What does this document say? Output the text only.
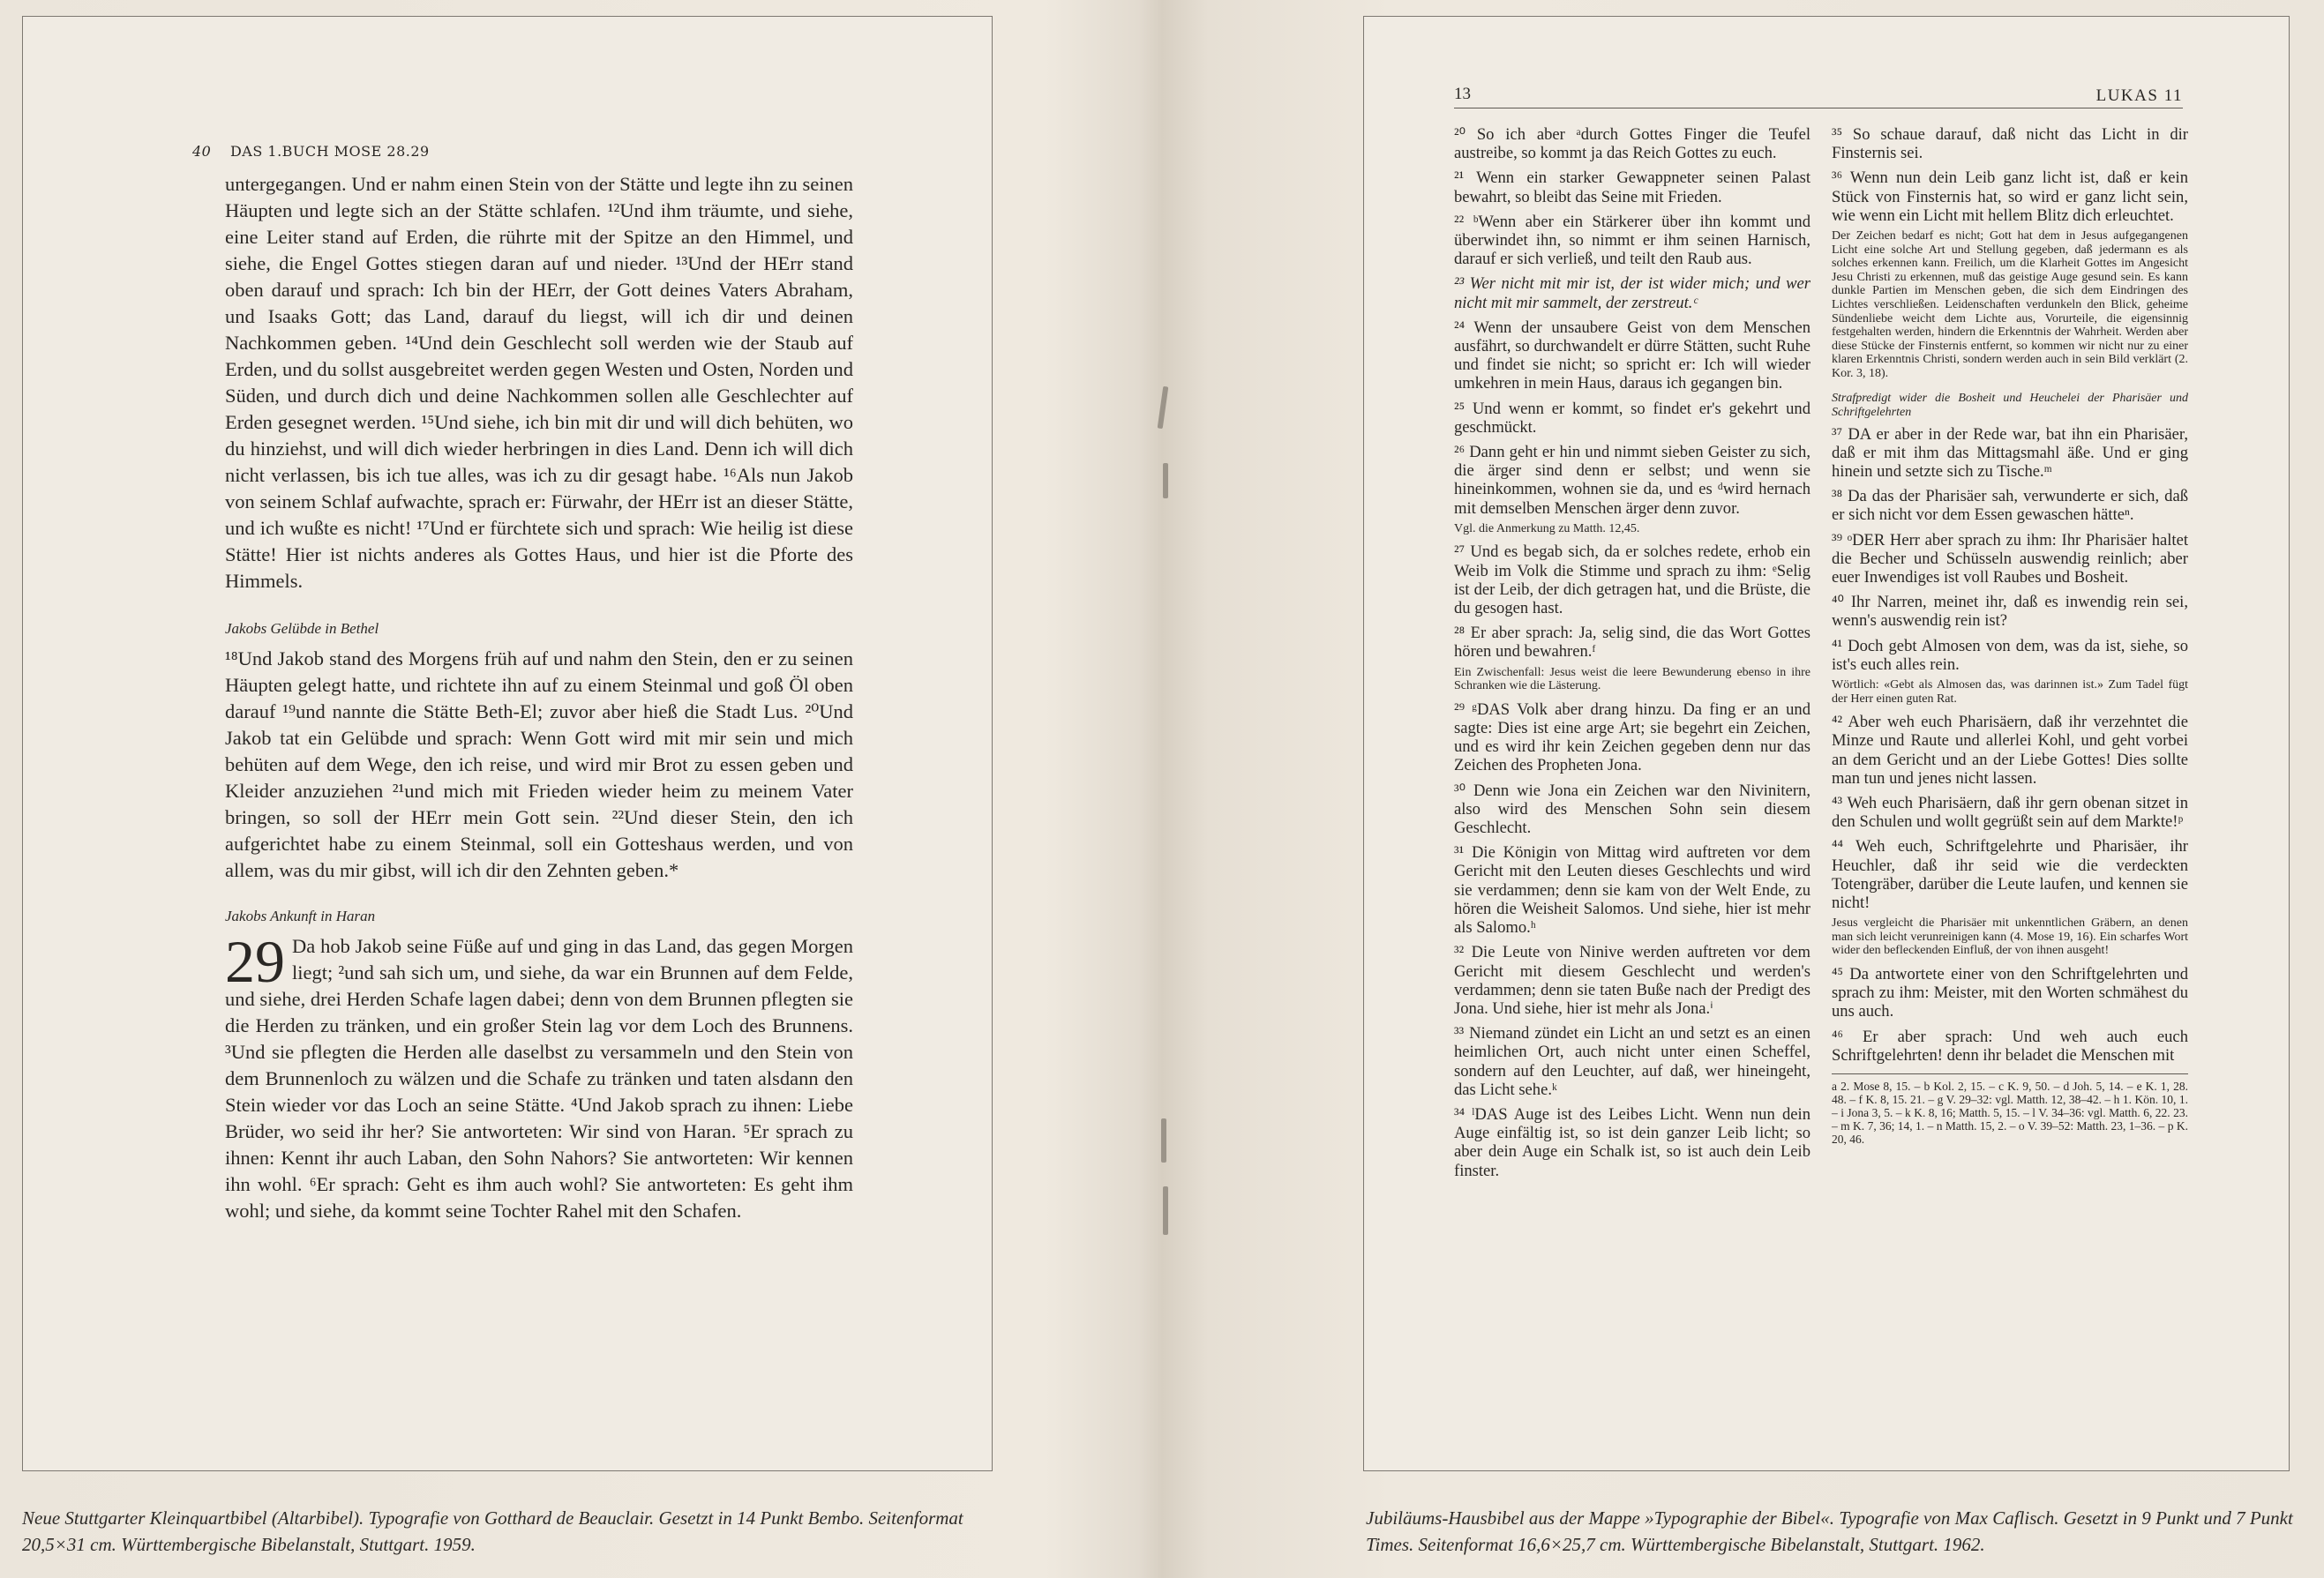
40 DAS 1.BUCH MOSE 28.29

untergegangen. Und er nahm einen Stein von der Stätte und legte ihn zu seinen Häupten und legte sich an der Stätte schlafen. ¹²Und ihm träumte, und siehe, eine Leiter stand auf Erden, die rührte mit der Spitze an den Himmel, und siehe, die Engel Gottes stiegen daran auf und nieder. ¹³Und der HErr stand oben darauf und sprach: Ich bin der HErr, der Gott deines Vaters Abraham, und Isaaks Gott; das Land, darauf du liegst, will ich dir und deinen Nachkommen geben. ¹⁴Und dein Geschlecht soll werden wie der Staub auf Erden, und du sollst ausgebreitet werden gegen Westen und Osten, Norden und Süden, und durch dich und deine Nachkommen sollen alle Geschlechter auf Erden gesegnet werden. ¹⁵Und siehe, ich bin mit dir und will dich behüten, wo du hinziehst, und will dich wieder herbringen in dies Land. Denn ich will dich nicht verlassen, bis ich tue alles, was ich zu dir gesagt habe. ¹⁶Als nun Jakob von seinem Schlaf aufwachte, sprach er: Fürwahr, der HErr ist an dieser Stätte, und ich wußte es nicht! ¹⁷Und er fürchtete sich und sprach: Wie heilig ist diese Stätte! Hier ist nichts anderes als Gottes Haus, und hier ist die Pforte des Himmels.

Jakobs Gelübde in Bethel

¹⁸Und Jakob stand des Morgens früh auf und nahm den Stein, den er zu seinen Häupten gelegt hatte, und richtete ihn auf zu einem Steinmal und goß Öl oben darauf ¹⁹und nannte die Stätte Beth-El; zuvor aber hieß die Stadt Lus. ²⁰Und Jakob tat ein Gelübde und sprach: Wenn Gott wird mit mir sein und mich behüten auf dem Wege, den ich reise, und wird mir Brot zu essen geben und Kleider anzuziehen ²¹und mich mit Frieden wieder heim zu meinem Vater bringen, so soll der HErr mein Gott sein. ²²Und dieser Stein, den ich aufgerichtet habe zu einem Steinmal, soll ein Gotteshaus werden, und von allem, was du mir gibst, will ich dir den Zehnten geben.*

Jakobs Ankunft in Haran

29 Da hob Jakob seine Füße auf und ging in das Land, das gegen Morgen liegt; ²und sah sich um, und siehe, da war ein Brunnen auf dem Felde, und siehe, drei Herden Schafe lagen dabei; denn von dem Brunnen pflegten sie die Herden zu tränken, und ein großer Stein lag vor dem Loch des Brunnens. ³Und sie pflegten die Herden alle daselbst zu versammeln und den Stein von dem Brunnenloch zu wälzen und die Schafe zu tränken und taten alsdann den Stein wieder vor das Loch an seine Stätte. ⁴Und Jakob sprach zu ihnen: Liebe Brüder, wo seid ihr her? Sie antworteten: Wir sind von Haran. ⁵Er sprach zu ihnen: Kennt ihr auch Laban, den Sohn Nahors? Sie antworteten: Wir kennen ihn wohl. ⁶Er sprach: Geht es ihm auch wohl? Sie antworteten: Es geht ihm wohl; und siehe, da kommt seine Tochter Rahel mit den Schafen.

13	LUKAS 11

²⁰ So ich aber ᵃdurch Gottes Finger die Teufel austreibe, so kommt ja das Reich Gottes zu euch.

²¹ Wenn ein starker Gewappneter seinen Palast bewahrt, so bleibt das Seine mit Frieden.

²² ᵇWenn aber ein Stärkerer über ihn kommt und überwindet ihn, so nimmt er ihm seinen Harnisch, darauf er sich verließ, und teilt den Raub aus.

²³ Wer nicht mit mir ist, der ist wider mich; und wer nicht mit mir sammelt, der zerstreut.ᶜ

²⁴ Wenn der unsaubere Geist von dem Menschen ausfährt, so durchwandelt er dürre Stätten, sucht Ruhe und findet sie nicht; so spricht er: Ich will wieder umkehren in mein Haus, daraus ich gegangen bin.

²⁵ Und wenn er kommt, so findet er's gekehrt und geschmückt.

²⁶ Dann geht er hin und nimmt sieben Geister zu sich, die ärger sind denn er selbst; und wenn sie hineinkommen, wohnen sie da, und es ᵈwird hernach mit demselben Menschen ärger denn zuvor.

Vgl. die Anmerkung zu Matth. 12,45.

²⁷ Und es begab sich, da er solches redete, erhob ein Weib im Volk die Stimme und sprach zu ihm: ᵉSelig ist der Leib, der dich getragen hat, und die Brüste, die du gesogen hast.

²⁸ Er aber sprach: Ja, selig sind, die das Wort Gottes hören und bewahren.ᶠ

Ein Zwischenfall: Jesus weist die leere Bewunderung ebenso in ihre Schranken wie die Lästerung.

²⁹ ᵍDAS Volk aber drang hinzu. Da fing er an und sagte: Dies ist eine arge Art; sie begehrt ein Zeichen, und es wird ihr kein Zeichen gegeben denn nur das Zeichen des Propheten Jona.

³⁰ Denn wie Jona ein Zeichen war den Nivinitern, also wird des Menschen Sohn sein diesem Geschlecht.

³¹ Die Königin von Mittag wird auftreten vor dem Gericht mit den Leuten dieses Geschlechts und wird sie verdammen; denn sie kam von der Welt Ende, zu hören die Weisheit Salomos. Und siehe, hier ist mehr als Salomo.ʰ

³² Die Leute von Ninive werden auftreten vor dem Gericht mit diesem Geschlecht und werden's verdammen; denn sie taten Buße nach der Predigt des Jona. Und siehe, hier ist mehr als Jona.ⁱ

³³ Niemand zündet ein Licht an und setzt es an einen heimlichen Ort, auch nicht unter einen Scheffel, sondern auf den Leuchter, auf daß, wer hineingeht, das Licht sehe.ᵏ

³⁴ ˡDAS Auge ist des Leibes Licht. Wenn nun dein Auge einfältig ist, so ist dein ganzer Leib licht; so aber dein Auge ein Schalk ist, so ist auch dein Leib finster.

³⁵ So schaue darauf, daß nicht das Licht in dir Finsternis sei.

³⁶ Wenn nun dein Leib ganz licht ist, daß er kein Stück von Finsternis hat, so wird er ganz licht sein, wie wenn ein Licht mit hellem Blitz dich erleuchtet.

Der Zeichen bedarf es nicht; Gott hat dem in Jesus aufgegangenen Licht eine solche Art und Stellung gegeben, daß jedermann es als solches erkennen kann. Freilich, um die Klarheit Gottes im Angesicht Jesu Christi zu erkennen, muß das geistige Auge gesund sein. Es kann dunkle Partien im Menschen geben, die sich dem Eindringen des Lichtes verschließen. Leidenschaften verdunkeln den Blick, geheime Sündenliebe weicht dem Lichte aus, Vorurteile, die eigensinnig festgehalten werden, hindern die Erkenntnis der Wahrheit. Werden aber diese Stücke der Finsternis entfernt, so kommen wir nicht nur zu einer klaren Erkenntnis Christi, sondern werden auch in sein Bild verklärt (2. Kor. 3, 18).

Strafpredigt wider die Bosheit und Heuchelei der Pharisäer und Schriftgelehrten

³⁷ DA er aber in der Rede war, bat ihn ein Pharisäer, daß er mit ihm das Mittagsmahl äße. Und er ging hinein und setzte sich zu Tische.ᵐ

³⁸ Da das der Pharisäer sah, verwunderte er sich, daß er sich nicht vor dem Essen gewaschen hätteⁿ.

³⁹ ᵒDER Herr aber sprach zu ihm: Ihr Pharisäer haltet die Becher und Schüsseln auswendig reinlich; aber euer Inwendiges ist voll Raubes und Bosheit.

⁴⁰ Ihr Narren, meinet ihr, daß es inwendig rein sei, wenn's auswendig rein ist?

⁴¹ Doch gebt Almosen von dem, was da ist, siehe, so ist's euch alles rein.

Wörtlich: «Gebt als Almosen das, was darinnen ist.» Zum Tadel fügt der Herr einen guten Rat.

⁴² Aber weh euch Pharisäern, daß ihr verzehntet die Minze und Raute und allerlei Kohl, und geht vorbei an dem Gericht und an der Liebe Gottes! Dies sollte man tun und jenes nicht lassen.

⁴³ Weh euch Pharisäern, daß ihr gern obenan sitzet in den Schulen und wollt gegrüßt sein auf dem Markte!ᵖ

⁴⁴ Weh euch, Schriftgelehrte und Pharisäer, ihr Heuchler, daß ihr seid wie die verdeckten Totengräber, darüber die Leute laufen, und kennen sie nicht!

Jesus vergleicht die Pharisäer mit unkenntlichen Gräbern, an denen man sich leicht verunreinigen kann (4. Mose 19, 16). Ein scharfes Wort wider den befleckenden Einfluß, der von ihnen ausgeht!

⁴⁵ Da antwortete einer von den Schriftgelehrten und sprach zu ihm: Meister, mit den Worten schmähest du uns auch.

⁴⁶ Er aber sprach: Und weh auch euch Schriftgelehrten! denn ihr beladet die Menschen mit

a 2. Mose 8, 15. – b Kol. 2, 15. – c K. 9, 50. – d Joh. 5, 14. – e K. 1, 28. 48. – f K. 8, 15. 21. – g V. 29–32: vgl. Matth. 12, 38–42. – h 1. Kön. 10, 1. – i Jona 3, 5. – k K. 8, 16; Matth. 5, 15. – l V. 34–36: vgl. Matth. 6, 22. 23. – m K. 7, 36; 14, 1. – n Matth. 15, 2. – o V. 39–52: Matth. 23, 1–36. – p K. 20, 46.

Neue Stuttgarter Kleinquartbibel (Altarbibel). Typografie von Gotthard de Beauclair. Gesetzt in 14 Punkt Bembo. Seitenformat 20,5×31 cm. Württembergische Bibelanstalt, Stuttgart. 1959.
Jubiläums-Hausbibel aus der Mappe »Typographie der Bibel«. Typografie von Max Caflisch. Gesetzt in 9 Punkt und 7 Punkt Times. Seitenformat 16,6×25,7 cm. Württembergische Bibelanstalt, Stuttgart. 1962.
